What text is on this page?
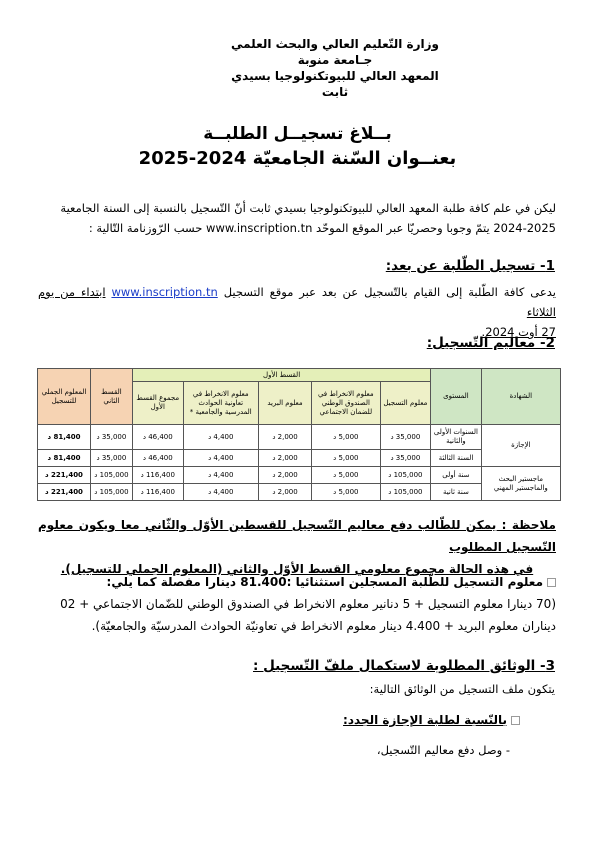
وزارة التّعليم العالي والبحث العلمي
جـامعة منوبة
المعهد العالي للبيوتكنولوجيا بسيدي ثابت
بــلاغ تسجيــل الطلبــة
بعنــوان السّنة الجامعيّة 2024-2025
ليكن في علم كافة طلبة المعهد العالي للبيوتكنولوجيا بسيدي ثابت أنّ التّسجيل بالنسبة إلى السنة الجامعية
2024-2025 يتمّ وجوبا وحصريّا عبر الموقع الموحّد www.inscription.tn حسب الرّوزنامة التّالية :
1- تسجيل الطّلبة عن بعد:
يدعى كافة الطّلبة إلى القيام بالتّسجيل عن بعد عبر موقع التسجيل www.inscription.tn ابتداء من يوم الثلاثاء
27 أوت 2024.
2- معاليم التّسجيل:
الشهادة	المستوى	القسط الأول					القسط الثاني	المعلوم الجملي للتسجيل
		معلوم التسجيل	معلوم الانخراط في الصندوق الوطني للضمان الاجتماعي	معلوم البريد	معلوم الانخراط في تعاونية الحوادث المدرسية والجامعية *	مجموع القسط الأول		
الإجازة	السنوات الأولى والثانية	35,000 د	5,000 د	2,000 د	4,400 د	46,400 د	35,000 د	81,400 د
	السنة الثالثة	35,000 د	5,000 د	2,000 د	4,400 د	46,400 د	35,000 د	81,400 د
ماجستير البحث والماجستير المهني	سنة أولى	105,000 د	5,000 د	2,000 د	4,400 د	116,400 د	105,000 د	221,400 د
	سنة ثانية	105,000 د	5,000 د	2,000 د	4,400 د	116,400 د	105,000 د	221,400 د
ملاحظة : يمكن للطّالب دفع معاليم التّسجيل للقسطين الأوّل والثّاني معا ويكون معلوم التّسجيل المطلوب
في هذه الحالة مجموع معلومي القسط الأوّل والثاني (المعلوم الجملي للتسجيل).
معلوم التسجيل للطّلبة المسجلين استثنائيا :81.400 دينارا مفصلة كما يلي:
(70 دينارا معلوم التسجيل + 5 دنانير معلوم الانخراط في الصندوق الوطني للضّمان الاجتماعي + 02
ديناران معلوم البريد + 4.400 دينار معلوم الانخراط في تعاونيّة الحوادث المدرسيّة والجامعيّة).
3- الوثائق المطلوبة لاستكمال ملفّ التّسجيل :
يتكون ملف التسجيل من الوثائق التالية:
بالنّسبة لطلبة الإجازة الجدد:
- وصل دفع معاليم التّسجيل،
